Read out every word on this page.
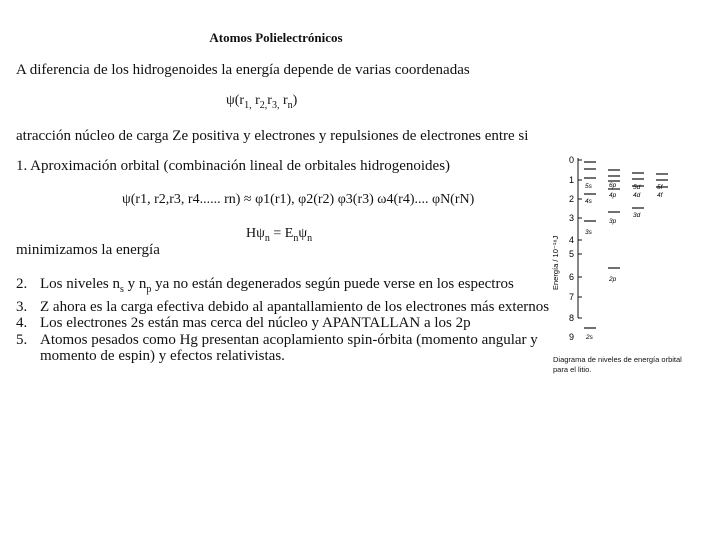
Atomos Polielectrónicos
A diferencia de los hidrogenoides la energía depende de varias coordenadas
$\psi(r_{1,}$ $r_{2,}r_{3,}$ $r_n$)
atracción núcleo de carga Ze positiva y electrones y repulsiones de electrones entre si
1. Aproximación orbital (combinación lineal de orbitales hidrogenoides)
ψ(r1, r2,r3, r4...... rn) ≈ φ1(r1), φ2(r2) φ3(r3) ω4(r4).... φN(rN)
$H\psi_n = E_n\psi_n$
minimizamos la energía
2. Los niveles $n_s$ y $n_p$ ya no están degenerados según puede verse en los espectros
3. Z ahora es la carga efectiva debido al apantallamiento de los electrones más externos
4. Los electrones 2s están mas cerca del núcleo y APANTALLAN a los 2p
5. Atomos pesados como Hg presentan acoplamiento spin-órbita (momento angular y
momento de espin) y efectos relativistas.
Energía / 10⁻¹⁸J
0
1
2
3
4
5
6
7
8
9
5s
4s
6p
4p
5d
4d
5f
4f
3s
3p
3d
2p
2s
Diagrama de niveles de energía orbital para el litio.
